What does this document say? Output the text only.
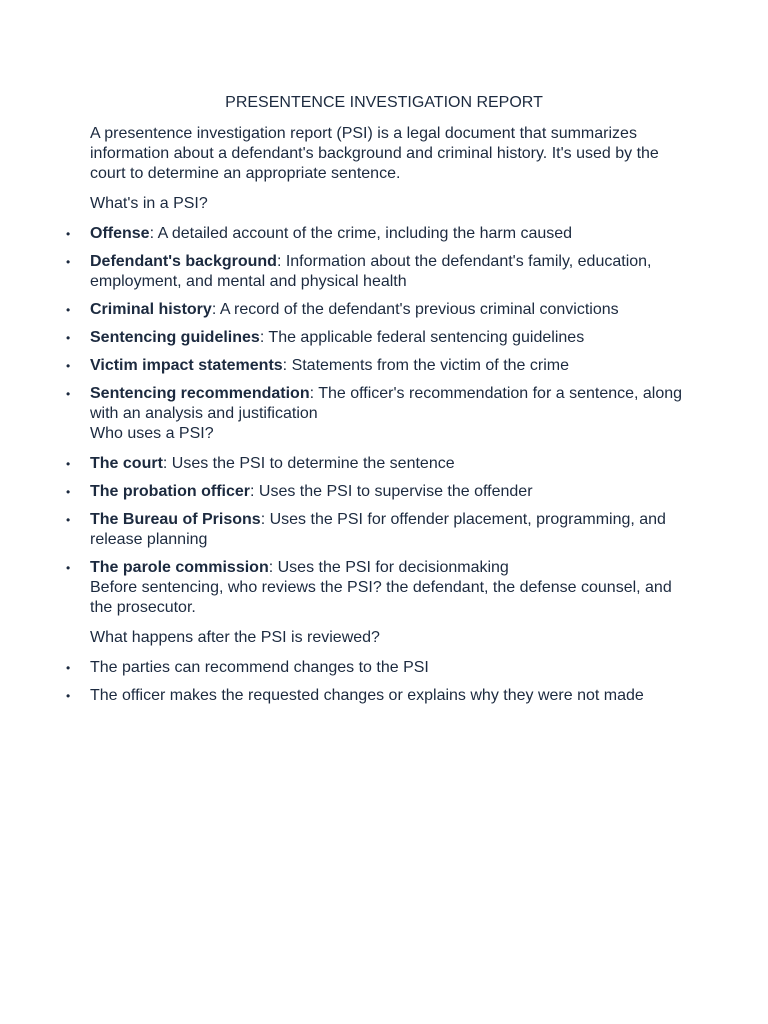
PRESENTENCE INVESTIGATION REPORT

A presentence investigation report (PSI) is a legal document that summarizes information about a defendant's background and criminal history. It's used by the court to determine an appropriate sentence.

What's in a PSI?

• Offense: A detailed account of the crime, including the harm caused
• Defendant's background: Information about the defendant's family, education, employment, and mental and physical health
• Criminal history: A record of the defendant's previous criminal convictions
• Sentencing guidelines: The applicable federal sentencing guidelines
• Victim impact statements: Statements from the victim of the crime
• Sentencing recommendation: The officer's recommendation for a sentence, along with an analysis and justification
Who uses a PSI?
• The court: Uses the PSI to determine the sentence
• The probation officer: Uses the PSI to supervise the offender
• The Bureau of Prisons: Uses the PSI for offender placement, programming, and release planning
• The parole commission: Uses the PSI for decisionmaking
Before sentencing, who reviews the PSI? the defendant, the defense counsel, and the prosecutor.

What happens after the PSI is reviewed?

• The parties can recommend changes to the PSI
• The officer makes the requested changes or explains why they were not made
